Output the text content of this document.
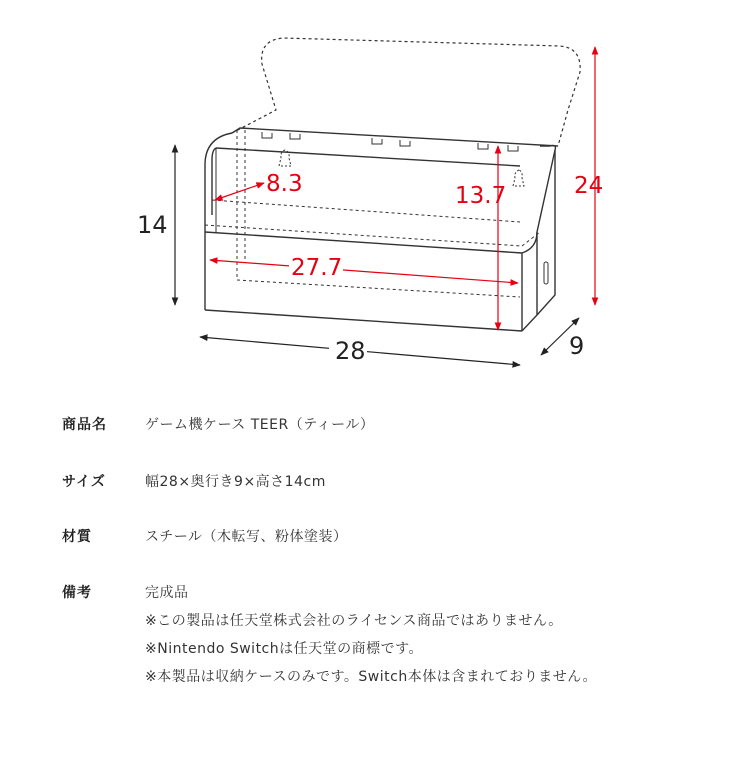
14
28	9
24
13.7
27.7
8.3
商品名	ゲーム機ケース TEER（ティール）
サイズ	幅28×奥行き9×高さ14cm
材質	スチール（木転写、粉体塗装）
備考	完成品
※この製品は任天堂株式会社のライセンス商品ではありません。
※Nintendo Switchは任天堂の商標です。
※本製品は収納ケースのみです。Switch本体は含まれておりません。
